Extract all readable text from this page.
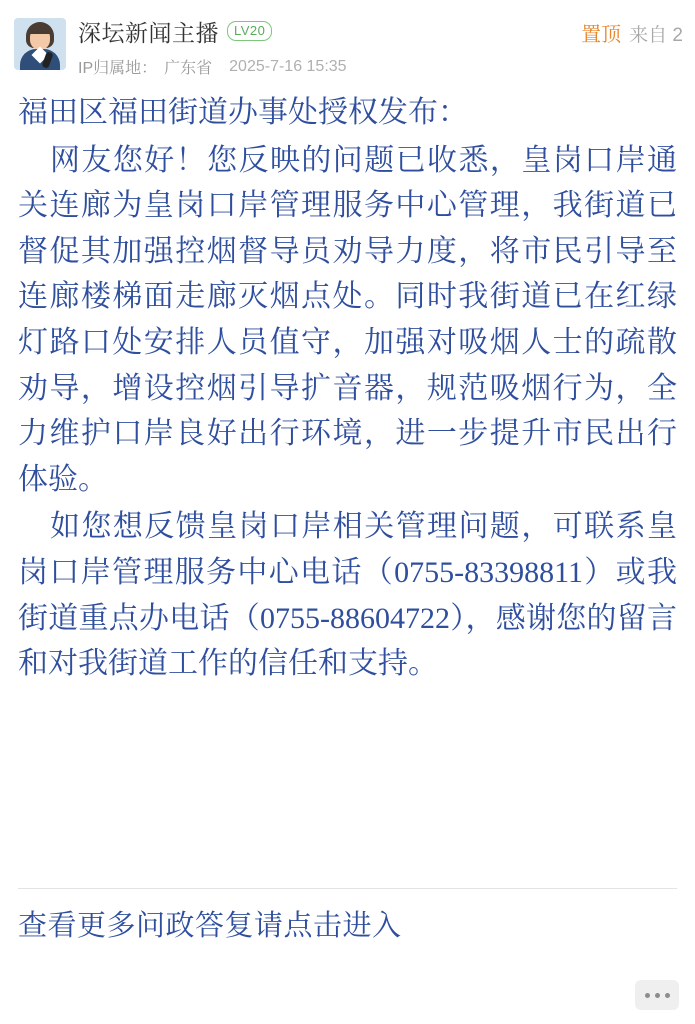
深坛新闻主播	LV20
IP归属地： 广东省 2025-7-16 15:35
置顶 来自 2

福田区福田街道办事处授权发布：

网友您好！您反映的问题已收悉，皇岗口岸通关连廊为皇岗口岸管理服务中心管理，我街道已督促其加强控烟督导员劝导力度，将市民引导至连廊楼梯面走廊灭烟点处。同时我街道已在红绿灯路口处安排人员值守，加强对吸烟人士的疏散劝导，增设控烟引导扩音器，规范吸烟行为，全力维护口岸良好出行环境，进一步提升市民出行体验。

如您想反馈皇岗口岸相关管理问题，可联系皇岗口岸管理服务中心电话（0755-83398811）或我街道重点办电话（0755-88604722），感谢您的留言和对我街道工作的信任和支持。

查看更多问政答复请点击进入
